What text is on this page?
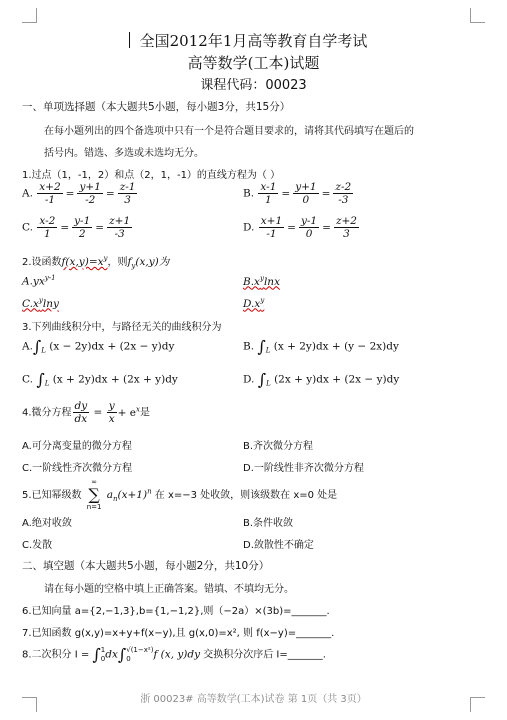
全国2012年1月高等教育自学考试
高等数学(工本)试题
课程代码：00023
一、单项选择题（本大题共5小题，每小题3分，共15分）
在每小题列出的四个备选项中只有一个是符合题目要求的，请将其代码填写在题后的
括号内。错选、多选或未选均无分。
1.过点（1，-1，2）和点（2，1，-1）的直线方程为（ ）
A. $\frac{x+2}{-1} = \frac{y+1}{-2} = \frac{z-1}{3}$	B. $\frac{x-1}{1} = \frac{y+1}{0} = \frac{z-2}{-3}$
C. $\frac{x-2}{1} = \frac{y-1}{2} = \frac{z+1}{-3}$	D. $\frac{x+1}{-1} = \frac{y-1}{0} = \frac{z+2}{3}$
2.设函数$f(x,y)=x^y$，则$f_y(x,y)$为
$A.yx^{y-1}$	$B.x^y\ln x$
$C.x^y\ln y$	$D.x^y$
3.下列曲线积分中，与路径无关的曲线积分为
$A.\int_L$ (x − 2y)dx + (2x − y)dy	B. $\int_L$ (x + 2y)dx + (y − 2x)dy
C. $\int_L$ (x + 2y)dx + (2x + y)dy	D. $\int_L$ (2x + y)dx + (2x − y)dy
4.微分方程 $\frac{dy}{dx} = \frac{y}{x} + e^x$是
A.可分离变量的微分方程	B.齐次微分方程
C.一阶线性齐次微分方程	D.一阶线性非齐次微分方程
5.已知幂级数
∞
∑
n=1
$a_n(x+1)^n$ 在 x=−3 处收敛，则该级数在 x=0 处是
A.绝对收敛	B.条件收敛
C.发散	D.敛散性不确定
二、填空题（本大题共5小题，每小题2分，共10分）
请在每小题的空格中填上正确答案。错填、不填均无分。
6.已知向量 a={2,−1,3},b={1,−1,2},则（−2a）×(3b)=_______.
7.已知函数 g(x,y)=x+y+f(x−y),且 g(x,0)=x², 则 f(x−y)=_______.
8.二次积分 I = ∫ 1
0 dx∫ √(1−x²)
0	f (x, y)dy 交换积分次序后 I=_______.
浙 00023# 高等数学(工本)试卷 第 1页（共 3页）
